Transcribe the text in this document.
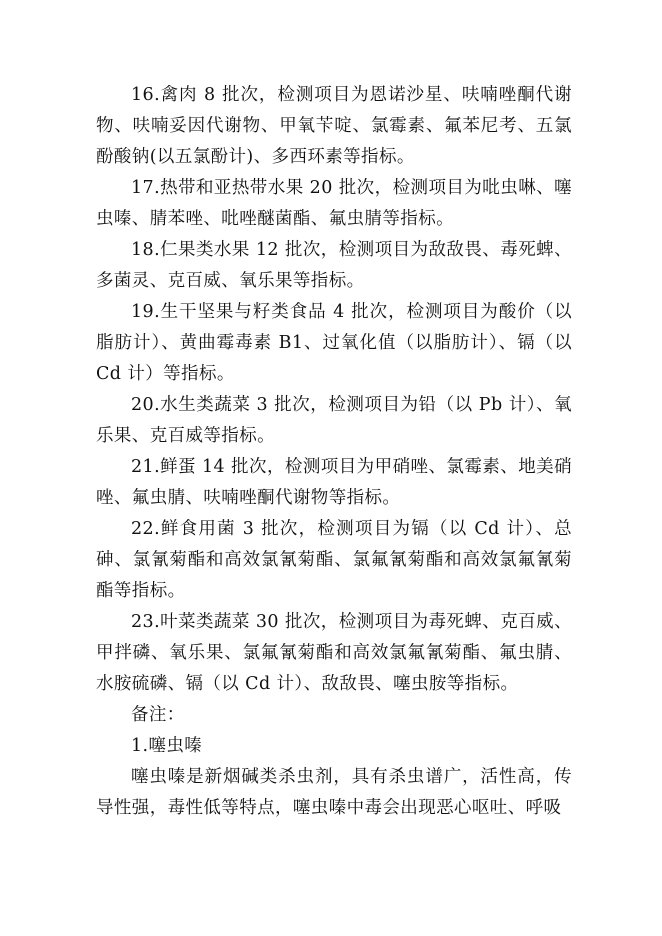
16.禽肉 8 批次，检测项目为恩诺沙星、呋喃唑酮代谢物、呋喃妥因代谢物、甲氧苄啶、氯霉素、氟苯尼考、五氯酚酸钠(以五氯酚计)、多西环素等指标。

17.热带和亚热带水果 20 批次，检测项目为吡虫啉、噻虫嗪、腈苯唑、吡唑醚菌酯、氟虫腈等指标。

18.仁果类水果 12 批次，检测项目为敌敌畏、毒死蜱、多菌灵、克百威、氧乐果等指标。

19.生干坚果与籽类食品 4 批次，检测项目为酸价（以脂肪计）、黄曲霉毒素 B1、过氧化值（以脂肪计）、镉（以 Cd 计）等指标。

20.水生类蔬菜 3 批次，检测项目为铅（以 Pb 计）、氧乐果、克百威等指标。

21.鲜蛋 14 批次，检测项目为甲硝唑、氯霉素、地美硝唑、氟虫腈、呋喃唑酮代谢物等指标。

22.鲜食用菌 3 批次，检测项目为镉（以 Cd 计）、总砷、氯氰菊酯和高效氯氰菊酯、氯氟氰菊酯和高效氯氟氰菊酯等指标。

23.叶菜类蔬菜 30 批次，检测项目为毒死蜱、克百威、甲拌磷、氧乐果、氯氟氰菊酯和高效氯氟氰菊酯、氟虫腈、水胺硫磷、镉（以 Cd 计）、敌敌畏、噻虫胺等指标。

备注：

1.噻虫嗪

噻虫嗪是新烟碱类杀虫剂，具有杀虫谱广，活性高，传导性强，毒性低等特点，噻虫嗪中毒会出现恶心呕吐、呼吸
